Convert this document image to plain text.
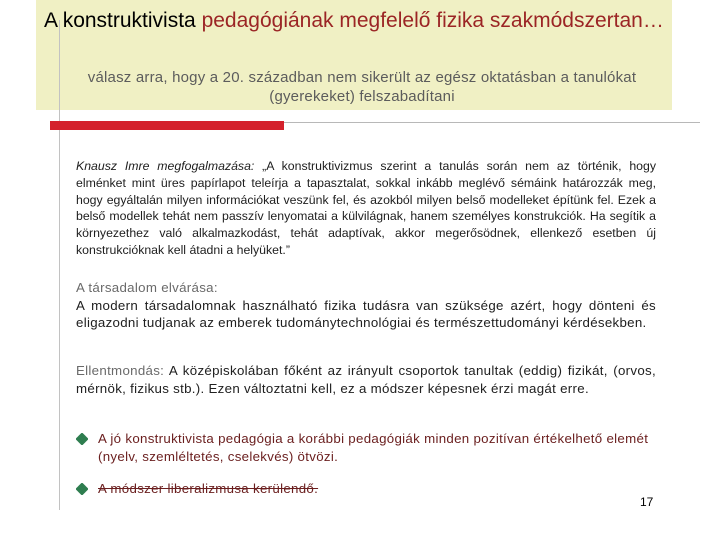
A konstruktivista pedagógiának megfelelő fizika szakmódszertan…
válasz arra, hogy a 20. században nem sikerült az egész oktatásban a tanulókat (gyerekeket) felszabadítani
Knausz Imre megfogalmazása: „A konstruktivizmus szerint a tanulás során nem az történik, hogy elménket mint üres papírlapot teleírja a tapasztalat, sokkal inkább meglévő sémáink határozzák meg, hogy egyáltalán milyen információkat veszünk fel, és azokból milyen belső modelleket építünk fel. Ezek a belső modellek tehát nem passzív lenyomatai a külvilágnak, hanem személyes konstrukciók. Ha segítik a környezethez való alkalmazkodást, tehát adaptívak, akkor megerősödnek, ellenkező esetben új konstrukcióknak kell átadni a helyüket.”
A társadalom elvárása:
A modern társadalomnak használható fizika tudásra van szüksége azért, hogy dönteni és eligazodni tudjanak az emberek tudománytechnológiai és természettudományi kérdésekben.
Ellentmondás: A középiskolában főként az irányult csoportok tanultak (eddig) fizikát, (orvos, mérnök, fizikus stb.). Ezen változtatni kell, ez a módszer képesnek érzi magát erre.
A jó konstruktivista pedagógia a korábbi pedagógiák minden pozitívan értékelhető elemét (nyelv, szemléltetés, cselekvés) ötvözi.
A módszer liberalizmusa kerülendő.
17
